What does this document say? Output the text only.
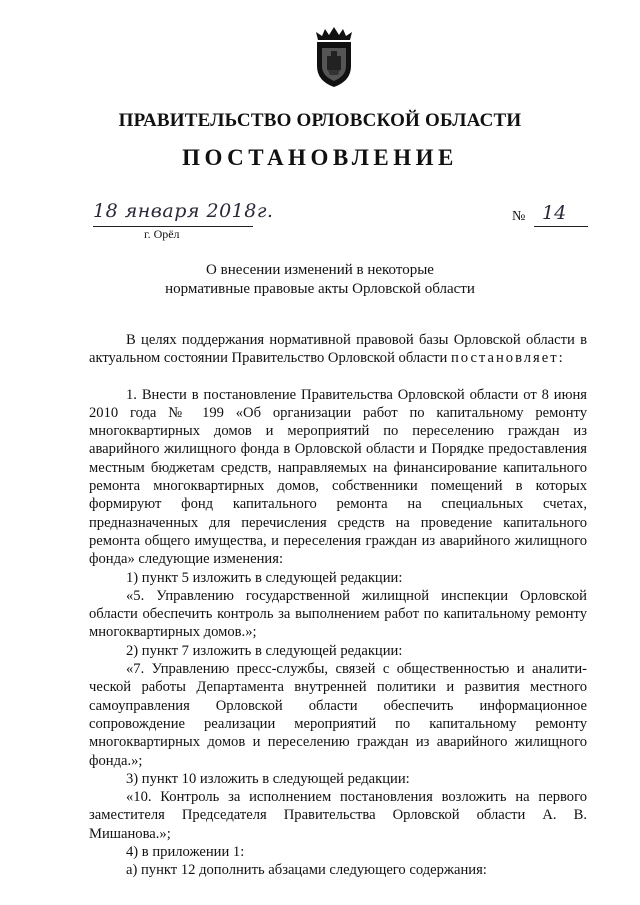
ПРАВИТЕЛЬСТВО ОРЛОВСКОЙ ОБЛАСТИ
ПОСТАНОВЛЕНИЕ
18 января 2018г.
г. Орёл
№ 14
О внесении изменений в некоторые
нормативные правовые акты Орловской области

В целях поддержания нормативной правовой базы Орловской области в актуальном состоянии Правительство Орловской области постановляет:

1. Внести в постановление Правительства Орловской области от 8 июня 2010 года № 199 «Об организации работ по капитальному ремонту многоквартирных домов и мероприятий по переселению граждан из аварийного жилищного фонда в Орловской области и Порядке предоставления местным бюджетам средств, направляемых на финансирование капитального ремонта многоквартирных домов, собственники помещений в которых формируют фонд капитального ремонта на специальных счетах, предназначенных для перечисления средств на проведение капитального ремонта общего имущества, и переселения граждан из аварийного жилищного фонда» следующие изменения:

1) пункт 5 изложить в следующей редакции:

«5. Управлению государственной жилищной инспекции Орловской области обеспечить контроль за выполнением работ по капитальному ремонту многоквартирных домов.»;

2) пункт 7 изложить в следующей редакции:

«7. Управлению пресс-службы, связей с общественностью и аналити-ческой работы Департамента внутренней политики и развития местного самоуправления Орловской области обеспечить информационное сопровождение реализации мероприятий по капитальному ремонту многоквартирных домов и переселению граждан из аварийного жилищного фонда.»;

3) пункт 10 изложить в следующей редакции:

«10. Контроль за исполнением постановления возложить на первого заместителя Председателя Правительства Орловской области А. В. Мишанова.»;

4) в приложении 1:

а) пункт 12 дополнить абзацами следующего содержания:
